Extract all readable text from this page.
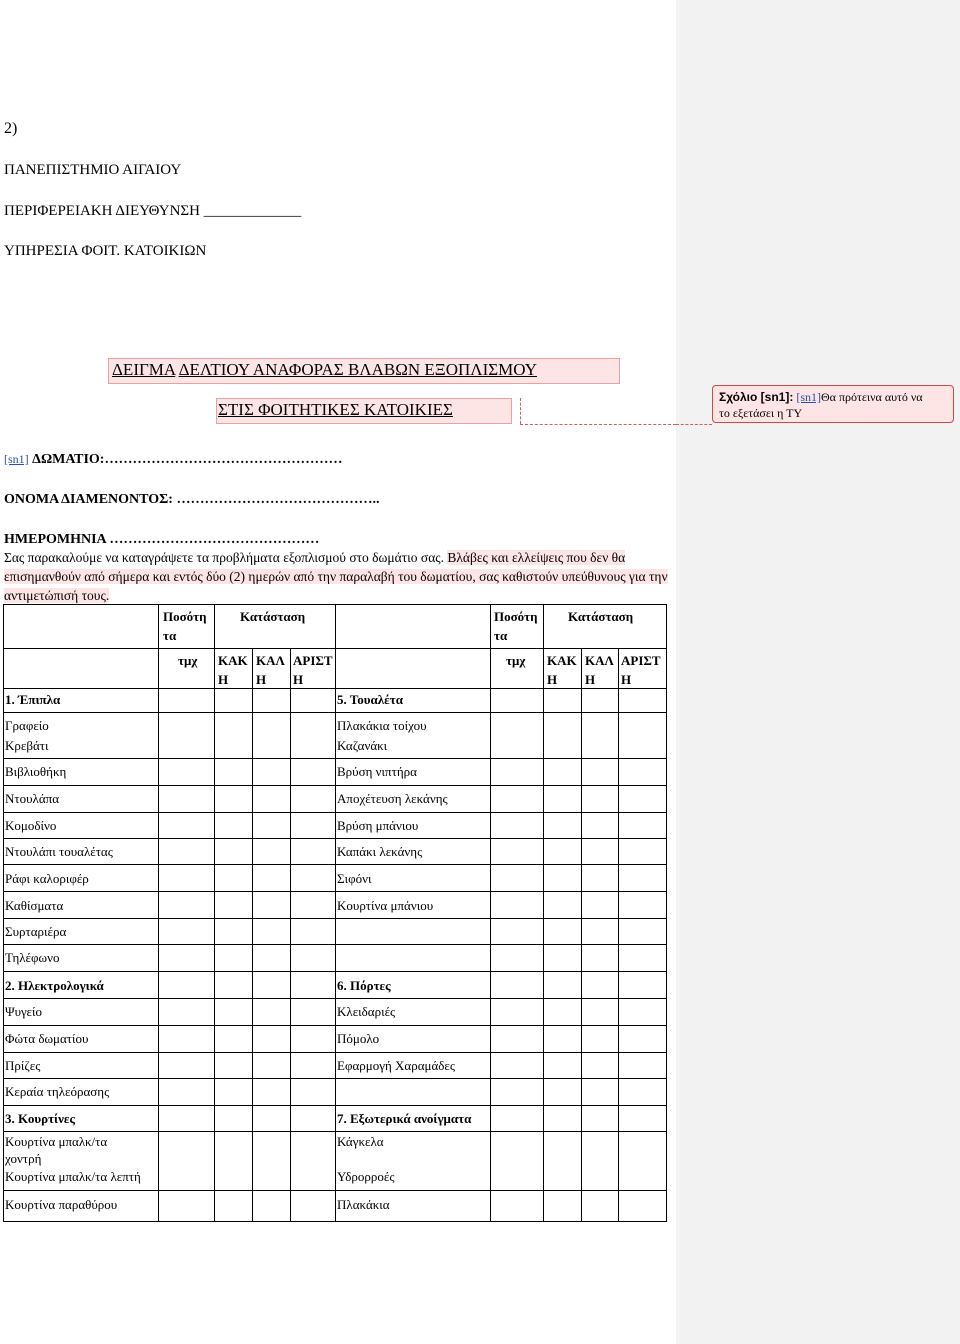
2)
ΠΑΝΕΠΙΣΤΗΜΙΟ ΑΙΓΑΙΟΥ
ΠΕΡΙΦΕΡΕΙΑΚΗ ΔΙΕΥΘΥΝΣΗ _____________
ΥΠΗΡΕΣΙΑ ΦΟΙΤ. ΚΑΤΟΙΚΙΩΝ
ΔΕΙΓΜΑ ΔΕΛΤΙΟΥ ΑΝΑΦΟΡΑΣ ΒΛΑΒΩΝ ΕΞΟΠΛΙΣΜΟΥ
ΣΤΙΣ ΦΟΙΤΗΤΙΚΕΣ ΚΑΤΟΙΚΙΕΣ
[sn1] ΔΩΜΑΤΙΟ:……………………………………………
ΟΝΟΜΑ ΔΙΑΜΕΝΟΝΤΟΣ: ……………………………………..
ΗΜΕΡΟΜΗΝΙΑ ………………………………………
Σας παρακαλούμε να καταγράψετε τα προβλήματα εξοπλισμού στο δωμάτιο σας. Βλάβες και ελλείψεις που δεν θα επισημανθούν από σήμερα και εντός δύο (2) ημερών από την παραλαβή του δωματίου, σας καθιστούν υπεύθυνους για την αντιμετώπισή τους.
Ποσότη
τα
Κατάσταση
τμχ ΚΑΚ
Η
ΚΑΛ
Η
ΑΡΙΣΤ
Η
Ποσότη
τα
Κατάσταση
τμχ ΚΑΚ
Η
ΚΑΛ
Η
ΑΡΙΣΤ
Η
1. Έπιπλα
Γραφείο
Κρεβάτι
Βιβλιοθήκη
Ντουλάπα
Κομοδίνο
Ντουλάπι τουαλέτας
Ράφι καλοριφέρ
Καθίσματα
Συρταριέρα
Τηλέφωνο
2. Ηλεκτρολογικά
Ψυγείο
Φώτα δωματίου
Πρίζες
Κεραία τηλεόρασης
3. Κουρτίνες
Κουρτίνα μπαλκ/τα
χοντρή
Κουρτίνα μπαλκ/τα λεπτή
Κουρτίνα παραθύρου
5. Τουαλέτα
Πλακάκια τοίχου
Καζανάκι
Βρύση νιπτήρα
Αποχέτευση λεκάνης
Βρύση μπάνιου
Καπάκι λεκάνης
Σιφόνι
Κουρτίνα μπάνιου
6. Πόρτες
Κλειδαριές
Πόμολο
Εφαρμογή Χαραμάδες
7. Εξωτερικά ανοίγματα
Κάγκελα
Υδρορροές
Πλακάκια
Σχόλιο [sn1]: [sn1]Θα πρότεινα αυτό να
το εξετάσει η ΤΥ
